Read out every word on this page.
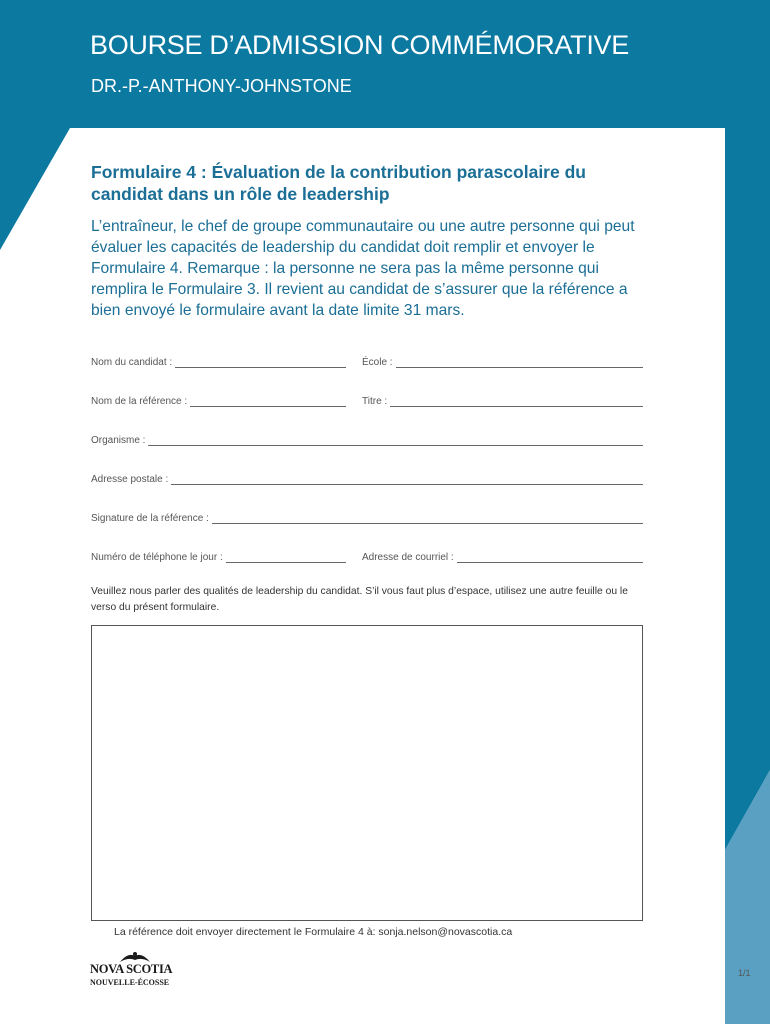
BOURSE D’ADMISSION COMMÉMORATIVE
DR.-P.-ANTHONY-JOHNSTONE
Formulaire 4 : Évaluation de la contribution parascolaire du candidat dans un rôle de leadership
L’entraîneur, le chef de groupe communautaire ou une autre personne qui peut évaluer les capacités de leadership du candidat doit remplir et envoyer le Formulaire 4. Remarque : la personne ne sera pas la même personne qui remplira le Formulaire 3. Il revient au candidat de s’assurer que la référence a bien envoyé le formulaire avant la date limite 31 mars.
Nom du candidat :	École :
Nom de la référence :	Titre :
Organisme :
Adresse postale :
Signature de la référence :
Numéro de téléphone le jour :	Adresse de courriel :
Veuillez nous parler des qualités de leadership du candidat. S’il vous faut plus d’espace, utilisez une autre feuille ou le verso du présent formulaire.
La référence doit envoyer directement le Formulaire 4 à: sonja.nelson@novascotia.ca
NOVA SCOTIA
NOUVELLE-ÉCOSSE
1/1
